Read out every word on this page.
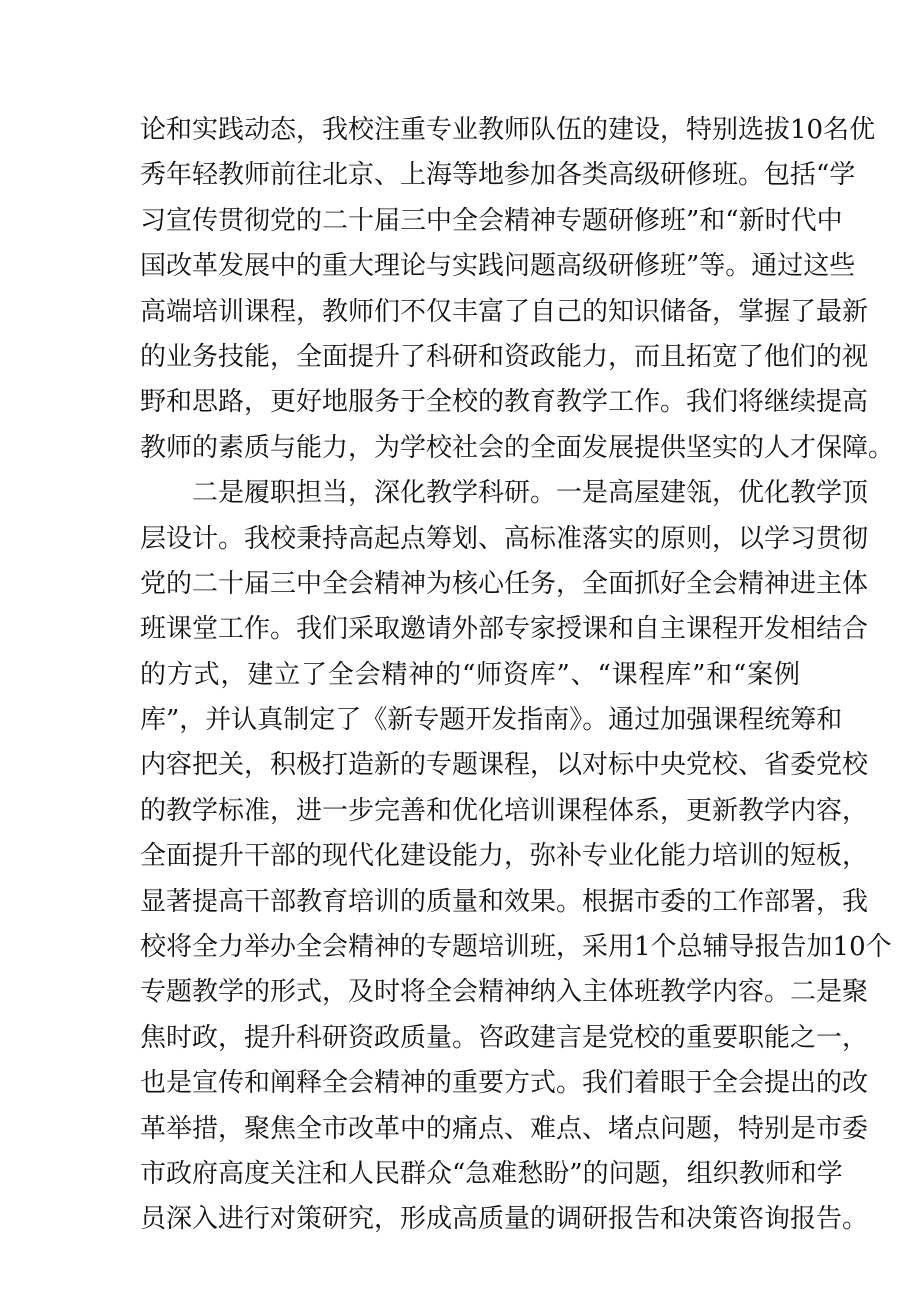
论和实践动态，我校注重专业教师队伍的建设，特别选拔10名优
秀年轻教师前往北京、上海等地参加各类高级研修班。包括“学
习宣传贯彻党的二十届三中全会精神专题研修班”和“新时代中
国改革发展中的重大理论与实践问题高级研修班”等。通过这些
高端培训课程，教师们不仅丰富了自己的知识储备，掌握了最新
的业务技能，全面提升了科研和资政能力，而且拓宽了他们的视
野和思路，更好地服务于全校的教育教学工作。我们将继续提高
教师的素质与能力，为学校社会的全面发展提供坚实的人才保障。
二是履职担当，深化教学科研。一是高屋建瓴，优化教学顶
层设计。我校秉持高起点筹划、高标准落实的原则，以学习贯彻
党的二十届三中全会精神为核心任务，全面抓好全会精神进主体
班课堂工作。我们采取邀请外部专家授课和自主课程开发相结合
的方式，建立了全会精神的“师资库”、“课程库”和“案例
库”，并认真制定了《新专题开发指南》。通过加强课程统筹和
内容把关，积极打造新的专题课程，以对标中央党校、省委党校
的教学标准，进一步完善和优化培训课程体系，更新教学内容，
全面提升干部的现代化建设能力，弥补专业化能力培训的短板，
显著提高干部教育培训的质量和效果。根据市委的工作部署，我
校将全力举办全会精神的专题培训班，采用1个总辅导报告加10个
专题教学的形式，及时将全会精神纳入主体班教学内容。二是聚
焦时政，提升科研资政质量。咨政建言是党校的重要职能之一，
也是宣传和阐释全会精神的重要方式。我们着眼于全会提出的改
革举措，聚焦全市改革中的痛点、难点、堵点问题，特别是市委
市政府高度关注和人民群众“急难愁盼”的问题，组织教师和学
员深入进行对策研究，形成高质量的调研报告和决策咨询报告。
